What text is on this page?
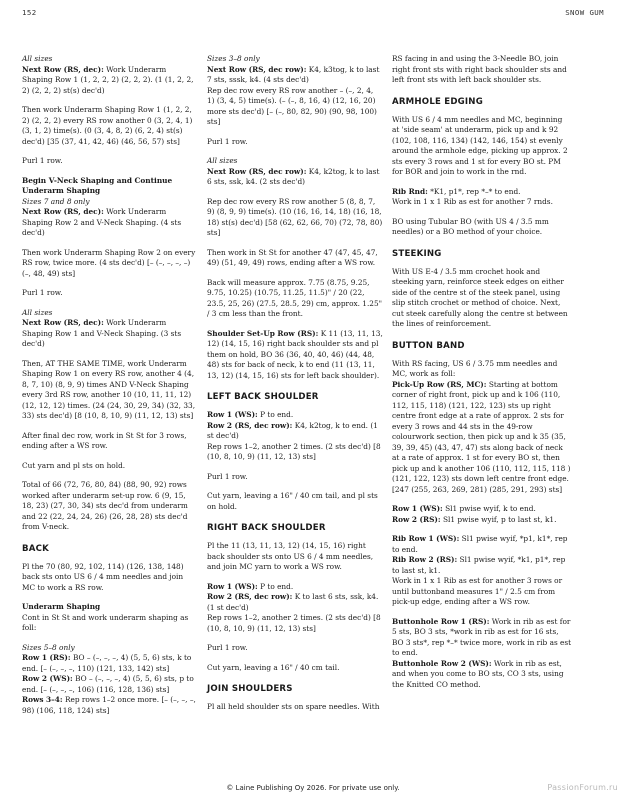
152	SNOW GUM

All sizes

Next Row (RS, dec): Work Underarm Shaping Row 1 (1, 2, 2, 2) (2, 2, 2). (1 (1, 2, 2, 2) (2, 2, 2) st(s) dec'd)

Then work Underarm Shaping Row 1 (1, 2, 2, 2) (2, 2, 2) every RS row another 0 (3, 2, 4, 1) (3, 1, 2) time(s). (0 (3, 4, 8, 2) (6, 2, 4) st(s) dec'd) [35 (37, 41, 42, 46) (46, 56, 57) sts]

Purl 1 row.

Begin V-Neck Shaping and Continue Underarm Shaping

Sizes 7 and 8 only

Next Row (RS, dec): Work Underarm Shaping Row 2 and V-Neck Shaping. (4 sts dec'd)

Then work Underarm Shaping Row 2 on every RS row, twice more. (4 sts dec'd) [– (–, –, –, –) (–, 48, 49) sts]

Purl 1 row.

All sizes

Next Row (RS, dec): Work Underarm Shaping Row 1 and V-Neck Shaping. (3 sts dec'd)

Then, AT THE SAME TIME, work Underarm Shaping Row 1 on every RS row, another 4 (4, 8, 7, 10) (8, 9, 9) times AND V-Neck Shaping every 3rd RS row, another 10 (10, 11, 11, 12) (12, 12, 12) times. (24 (24, 30, 29, 34) (32, 33, 33) sts dec'd) [8 (10, 8, 10, 9) (11, 12, 13) sts]

After final dec row, work in St St for 3 rows, ending after a WS row.

Cut yarn and pl sts on hold.

Total of 66 (72, 76, 80, 84) (88, 90, 92) rows worked after underarm set-up row. 6 (9, 15, 18, 23) (27, 30, 34) sts dec'd from underarm and 22 (22, 24, 24, 26) (26, 28, 28) sts dec'd from V-neck.

BACK

Pl the 70 (80, 92, 102, 114) (126, 138, 148) back sts onto US 6 / 4 mm needles and join MC to work a RS row.

Underarm Shaping

Cont in St St and work underarm shaping as foll:

Sizes 5–8 only

Row 1 (RS): BO – (–, –, –, 4) (5, 5, 6) sts, k to end. [– (–, –, –, 110) (121, 133, 142) sts]

Row 2 (WS): BO – (–, –, –, 4) (5, 5, 6) sts, p to end. [– (–, –, –, 106) (116, 128, 136) sts]

Rows 3–4: Rep rows 1–2 once more. [– (–, –, –, 98) (106, 118, 124) sts]

Sizes 3–8 only

Next Row (RS, dec row): K4, k3tog, k to last 7 sts, sssk, k4. (4 sts dec'd)

Rep dec row every RS row another – (–, 2, 4, 1) (3, 4, 5) time(s). (– (–, 8, 16, 4) (12, 16, 20) more sts dec'd) [– (–, 80, 82, 90) (90, 98, 100) sts]

Purl 1 row.

All sizes

Next Row (RS, dec row): K4, k2tog, k to last 6 sts, ssk, k4. (2 sts dec'd)

Rep dec row every RS row another 5 (8, 8, 7, 9) (8, 9, 9) time(s). (10 (16, 16, 14, 18) (16, 18, 18) st(s) dec'd) [58 (62, 62, 66, 70) (72, 78, 80) sts]

Then work in St St for another 47 (47, 45, 47, 49) (51, 49, 49) rows, ending after a WS row.

Back will measure approx. 7.75 (8.75, 9.25, 9.75, 10.25) (10.75, 11.25, 11.5)" / 20 (22, 23.5, 25, 26) (27.5, 28.5, 29) cm, approx. 1.25" / 3 cm less than the front.

Shoulder Set-Up Row (RS): K 11 (13, 11, 13, 12) (14, 15, 16) right back shoulder sts and pl them on hold, BO 36 (36, 40, 40, 46) (44, 48, 48) sts for back of neck, k to end (11 (13, 11, 13, 12) (14, 15, 16) sts for left back shoulder).

LEFT BACK SHOULDER

Row 1 (WS): P to end.

Row 2 (RS, dec row): K4, k2tog, k to end. (1 st dec'd)

Rep rows 1–2, another 2 times. (2 sts dec'd) [8 (10, 8, 10, 9) (11, 12, 13) sts]

Purl 1 row.

Cut yarn, leaving a 16" / 40 cm tail, and pl sts on hold.

RIGHT BACK SHOULDER

Pl the 11 (13, 11, 13, 12) (14, 15, 16) right back shoulder sts onto US 6 / 4 mm needles, and join MC yarn to work a WS row.

Row 1 (WS): P to end.

Row 2 (RS, dec row): K to last 6 sts, ssk, k4. (1 st dec'd)

Rep rows 1–2, another 2 times. (2 sts dec'd) [8 (10, 8, 10, 9) (11, 12, 13) sts]

Purl 1 row.

Cut yarn, leaving a 16" / 40 cm tail.

JOIN SHOULDERS

Pl all held shoulder sts on spare needles. With

RS facing in and using the 3-Needle BO, join right front sts with right back shoulder sts and left front sts with left back shoulder sts.

ARMHOLE EDGING

With US 6 / 4 mm needles and MC, beginning at 'side seam' at underarm, pick up and k 92 (102, 108, 116, 134) (142, 146, 154) st evenly around the armhole edge, picking up approx. 2 sts every 3 rows and 1 st for every BO st. PM for BOR and join to work in the rnd.

Rib Rnd: *K1, p1*, rep *–* to end.

Work in 1 x 1 Rib as est for another 7 rnds.

BO using Tubular BO (with US 4 / 3.5 mm needles) or a BO method of your choice.

STEEKING

With US E-4 / 3.5 mm crochet hook and steeking yarn, reinforce steek edges on either side of the centre st of the steek panel, using slip stitch crochet or method of choice. Next, cut steek carefully along the centre st between the lines of reinforcement.

BUTTON BAND

With RS facing, US 6 / 3.75 mm needles and MC, work as foll:

Pick-Up Row (RS, MC): Starting at bottom corner of right front, pick up and k 106 (110, 112, 115, 118) (121, 122, 123) sts up right centre front edge at a rate of approx. 2 sts for every 3 rows and 44 sts in the 49-row colourwork section, then pick up and k 35 (35, 39, 39, 45) (43, 47, 47) sts along back of neck at a rate of approx. 1 st for every BO st, then pick up and k another 106 (110, 112, 115, 118 ) (121, 122, 123) sts down left centre front edge. [247 (255, 263, 269, 281) (285, 291, 293) sts]

Row 1 (WS): Sl1 pwise wyif, k to end.

Row 2 (RS): Sl1 pwise wyif, p to last st, k1.

Rib Row 1 (WS): Sl1 pwise wyif, *p1, k1*, rep to end.

Rib Row 2 (RS): Sl1 pwise wyif, *k1, p1*, rep to last st, k1.

Work in 1 x 1 Rib as est for another 3 rows or until buttonband measures 1" / 2.5 cm from pick-up edge, ending after a WS row.

Buttonhole Row 1 (RS): Work in rib as est for 5 sts, BO 3 sts, *work in rib as est for 16 sts, BO 3 sts*, rep *–* twice more, work in rib as est to end.

Buttonhole Row 2 (WS): Work in rib as est, and when you come to BO sts, CO 3 sts, using the Knitted CO method.

© Laine Publishing Oy 2026. For private use only.	PassionForum.ru
